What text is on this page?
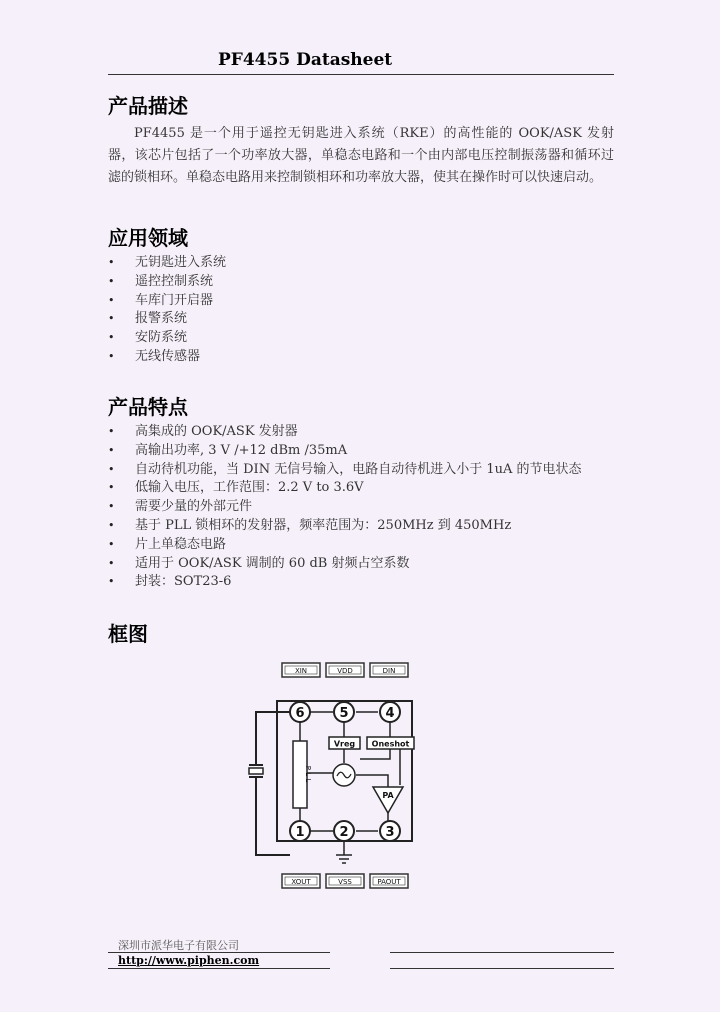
PF4455 Datasheet
产品描述

PF4455 是一个用于遥控无钥匙进入系统（RKE）的高性能的 OOK/ASK 发射器，该芯片包括了一个功率放大器，单稳态电路和一个由内部电压控制振荡器和循环过滤的锁相环。单稳态电路用来控制锁相环和功率放大器，使其在操作时可以快速启动。

应用领域
• 无钥匙进入系统
• 遥控控制系统
• 车库门开启器
• 报警系统
• 安防系统
• 无线传感器
产品特点
• 高集成的 OOK/ASK 发射器
• 高输出功率, 3 V /+12 dBm /35mA
• 自动待机功能，当 DIN 无信号输入，电路自动待机进入小于 1uA 的节电状态
• 低输入电压，工作范围：2.2 V to 3.6V
• 需要少量的外部元件
• 基于 PLL 锁相环的发射器，频率范围为：250MHz 到 450MHz
• 片上单稳态电路
• 适用于 OOK/ASK 调制的 60 dB 射频占空系数
• 封装：SOT23-6
框图
XIN	VDD	DIN
P L L
Vreg Oneshot
PA
6	5	4
1	2	3
XOUT	VSS	PAOUT
深圳市派华电子有限公司
http://www.piphen.com
